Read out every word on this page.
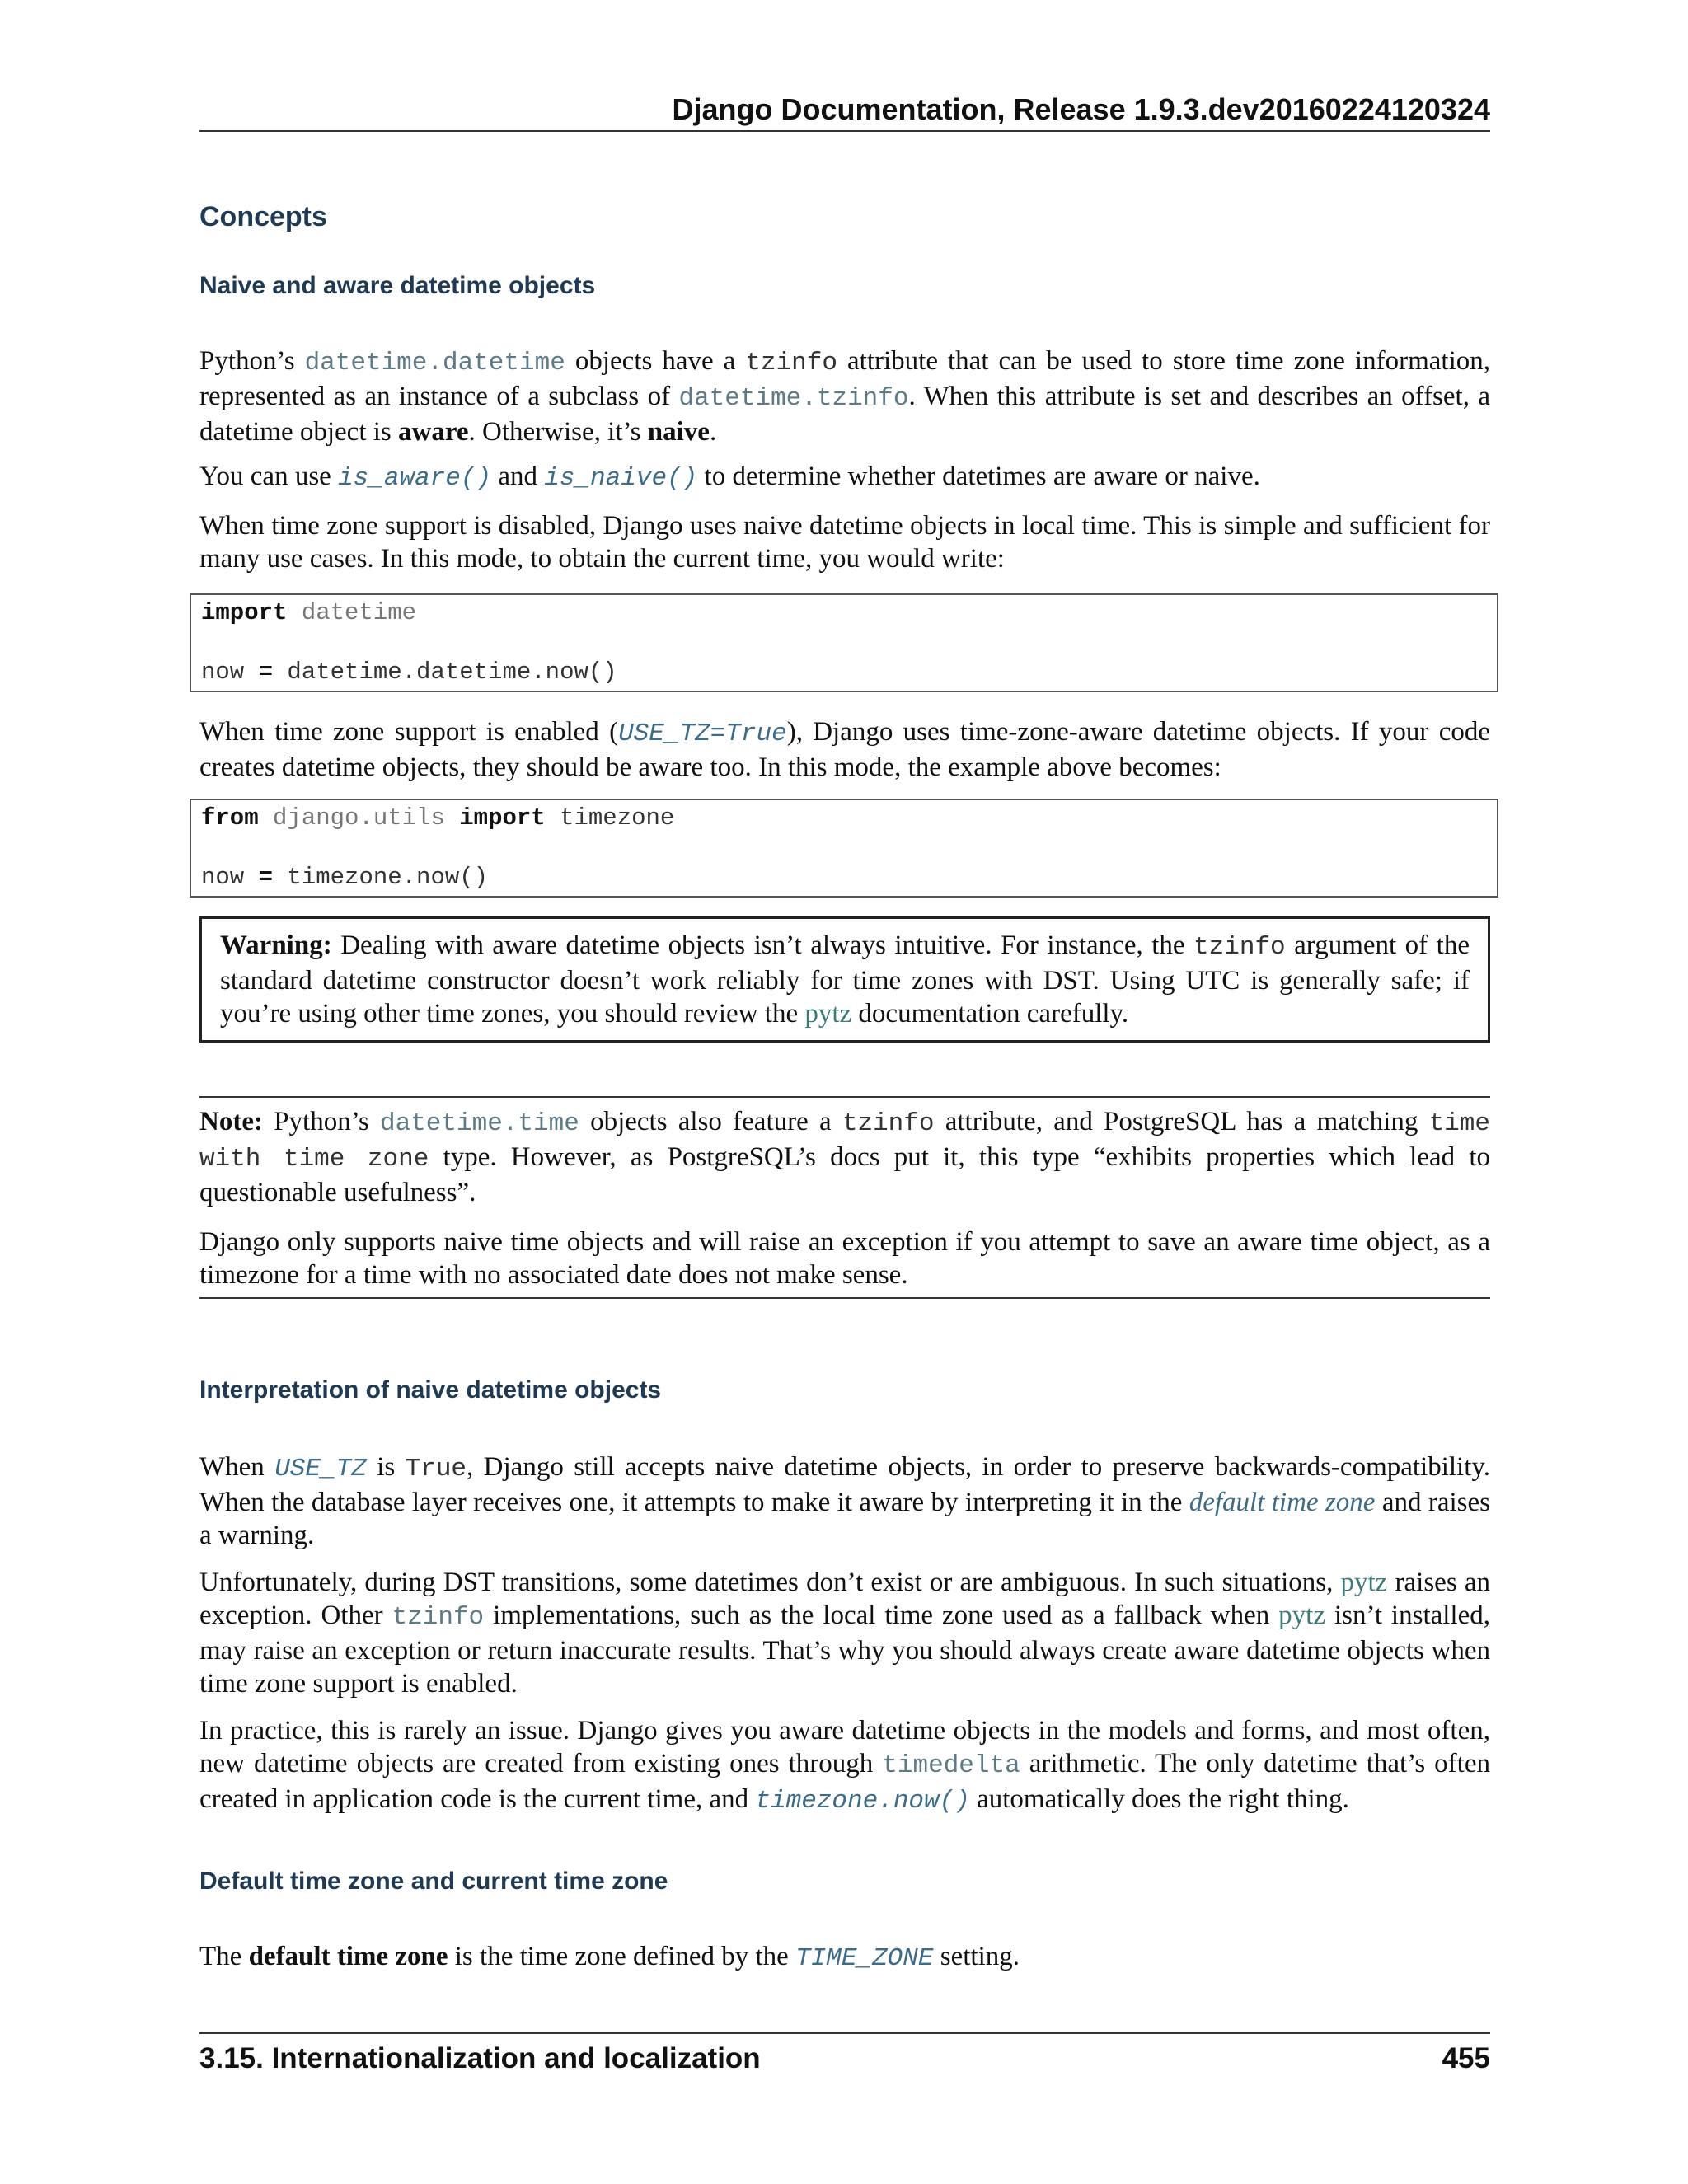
Django Documentation, Release 1.9.3.dev20160224120324
Concepts
Naive and aware datetime objects

Python’s datetime.datetime objects have a tzinfo attribute that can be used to store time zone information, represented as an instance of a subclass of datetime.tzinfo. When this attribute is set and describes an offset, a datetime object is aware. Otherwise, it’s naive.

You can use is_aware() and is_naive() to determine whether datetimes are aware or naive.

When time zone support is disabled, Django uses naive datetime objects in local time. This is simple and sufficient for many use cases. In this mode, to obtain the current time, you would write:

import datetime
now = datetime.datetime.now()

When time zone support is enabled (USE_TZ=True), Django uses time-zone-aware datetime objects. If your code creates datetime objects, they should be aware too. In this mode, the example above becomes:

from django.utils import timezone
now = timezone.now()
Warning: Dealing with aware datetime objects isn’t always intuitive. For instance, the tzinfo argument of the standard datetime constructor doesn’t work reliably for time zones with DST. Using UTC is generally safe; if you’re using other time zones, you should review the pytz documentation carefully.

Note: Python’s datetime.time objects also feature a tzinfo attribute, and PostgreSQL has a matching time with time zone type. However, as PostgreSQL’s docs put it, this type “exhibits properties which lead to questionable usefulness”.

Django only supports naive time objects and will raise an exception if you attempt to save an aware time object, as a timezone for a time with no associated date does not make sense.

Interpretation of naive datetime objects

When USE_TZ is True, Django still accepts naive datetime objects, in order to preserve backwards-compatibility. When the database layer receives one, it attempts to make it aware by interpreting it in the default time zone and raises a warning.

Unfortunately, during DST transitions, some datetimes don’t exist or are ambiguous. In such situations, pytz raises an exception. Other tzinfo implementations, such as the local time zone used as a fallback when pytz isn’t installed, may raise an exception or return inaccurate results. That’s why you should always create aware datetime objects when time zone support is enabled.

In practice, this is rarely an issue. Django gives you aware datetime objects in the models and forms, and most often, new datetime objects are created from existing ones through timedelta arithmetic. The only datetime that’s often created in application code is the current time, and timezone.now() automatically does the right thing.

Default time zone and current time zone

The default time zone is the time zone defined by the TIME_ZONE setting.

3.15. Internationalization and localization	455
